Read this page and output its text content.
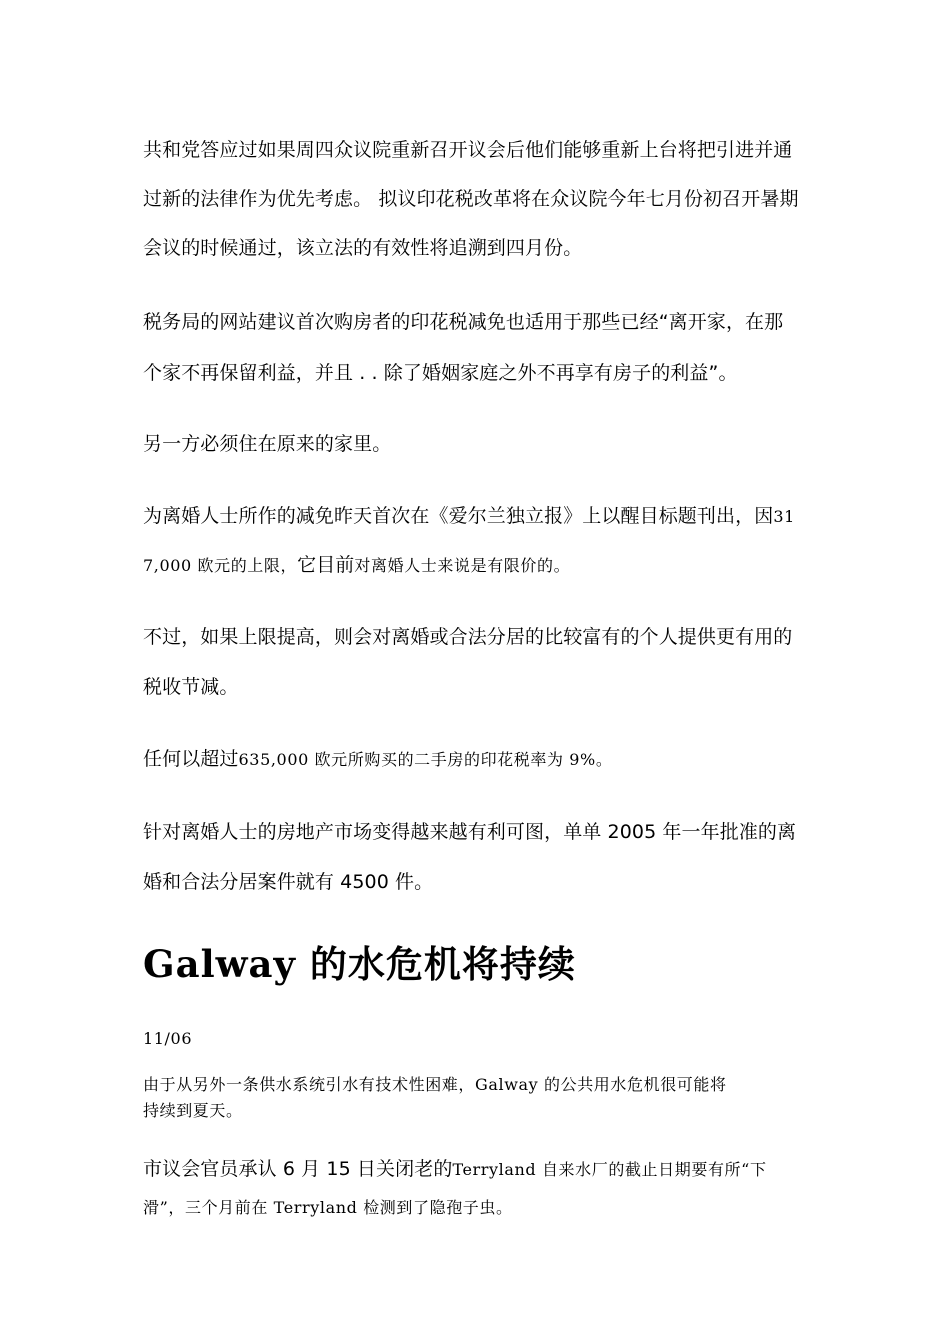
共和党答应过如果周四众议院重新召开议会后他们能够重新上台将把引进并通
过新的法律作为优先考虑。 拟议印花税改革将在众议院今年七月份初召开暑期
会议的时候通过，该立法的有效性将追溯到四月份。
税务局的网站建议首次购房者的印花税减免也适用于那些已经“离开家，在那
个家不再保留利益，并且 . . 除了婚姻家庭之外不再享有房子的利益”。
另一方必须住在原来的家里。
为离婚人士所作的减免昨天首次在《爱尔兰独立报》上以醒目标题刊出，因31
7,000 欧元的上限，它目前对离婚人士来说是有限价的。
不过，如果上限提高，则会对离婚或合法分居的比较富有的个人提供更有用的
税收节减。
任何以超过635,000 欧元所购买的二手房的印花税率为 9%。
针对离婚人士的房地产市场变得越来越有利可图，单单 2005 年一年批准的离
婚和合法分居案件就有 4500 件。
Galway 的水危机将持续
11/06
由于从另外一条供水系统引水有技术性困难，Galway 的公共用水危机很可能将
持续到夏天。
市议会官员承认 6 月 15 日关闭老的Terryland 自来水厂的截止日期要有所“下
滑”，三个月前在 Terryland 检测到了隐孢子虫。
